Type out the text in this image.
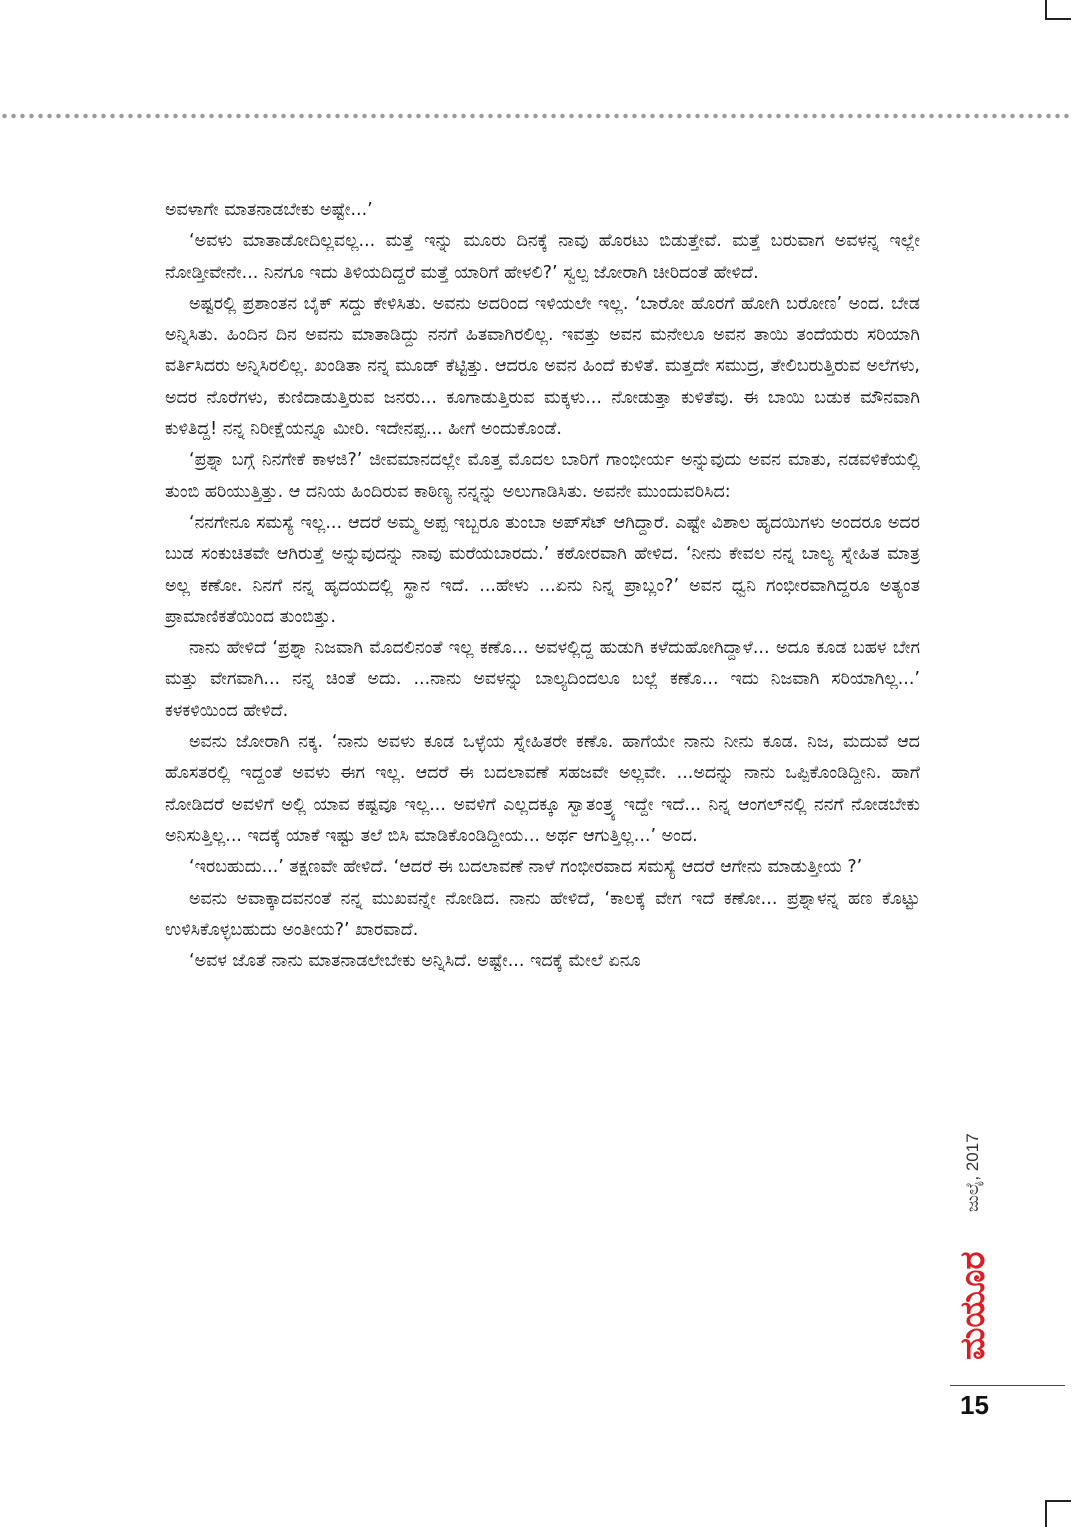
ಅವಳಾಗೇ ಮಾತನಾಡಬೇಕು ಅಷ್ಟೇ...’

‘ಅವಳು ಮಾತಾಡೋದಿಲ್ಲವಲ್ಲ... ಮತ್ತೆ ಇನ್ನು ಮೂರು ದಿನಕ್ಕೆ ನಾವು ಹೊರಟು ಬಿಡುತ್ತೇವೆ. ಮತ್ತೆ ಬರುವಾಗ ಅವಳನ್ನ ಇಲ್ಲೇ ನೋಡ್ತೀವೇನೇ... ನಿನಗೂ ಇದು ತಿಳಿಯದಿದ್ದರೆ ಮತ್ತೆ ಯಾರಿಗೆ ಹೇಳಲಿ?’ ಸ್ವಲ್ಪ ಜೋರಾಗಿ ಚೀರಿದಂತೆ ಹೇಳಿದೆ.

ಅಷ್ಟರಲ್ಲಿ ಪ್ರಶಾಂತನ ಬೈಕ್ ಸದ್ದು ಕೇಳಿಸಿತು. ಅವನು ಅದರಿಂದ ಇಳಿಯಲೇ ಇಲ್ಲ. ‘ಬಾರೋ ಹೊರಗೆ ಹೋಗಿ ಬರೋಣ’ ಅಂದ. ಬೇಡ ಅನ್ನಿಸಿತು. ಹಿಂದಿನ ದಿನ ಅವನು ಮಾತಾಡಿದ್ದು ನನಗೆ ಹಿತವಾಗಿರಲಿಲ್ಲ. ಇವತ್ತು ಅವನ ಮನೇಲೂ ಅವನ ತಾಯಿ ತಂದೆಯರು ಸರಿಯಾಗಿ ವರ್ತಿಸಿದರು ಅನ್ನಿಸಿರಲಿಲ್ಲ. ಖಂಡಿತಾ ನನ್ನ ಮೂಡ್ ಕೆಟ್ಟಿತ್ತು. ಆದರೂ ಅವನ ಹಿಂದೆ ಕುಳಿತೆ. ಮತ್ತದೇ ಸಮುದ್ರ, ತೇಲಿಬರುತ್ತಿರುವ ಅಲೆಗಳು, ಅದರ ನೊರೆಗಳು, ಕುಣಿದಾಡುತ್ತಿರುವ ಜನರು... ಕೂಗಾಡುತ್ತಿರುವ ಮಕ್ಕಳು... ನೋಡುತ್ತಾ ಕುಳಿತೆವು. ಈ ಬಾಯಿ ಬಡುಕ ಮೌನವಾಗಿ ಕುಳಿತಿದ್ದ! ನನ್ನ ನಿರೀಕ್ಷೆಯನ್ನೂ ಮೀರಿ. ಇದೇನಪ್ಪ... ಹೀಗೆ ಅಂದುಕೊಂಡೆ.

‘ಪ್ರಶ್ನಾ ಬಗ್ಗೆ ನಿನಗೇಕೆ ಕಾಳಜಿ?’ ಜೀವಮಾನದಲ್ಲೇ ಮೊತ್ತ ಮೊದಲ ಬಾರಿಗೆ ಗಾಂಭೀರ್ಯ ಅನ್ನುವುದು ಅವನ ಮಾತು, ನಡವಳಿಕೆಯಲ್ಲಿ ತುಂಬಿ ಹರಿಯುತ್ತಿತ್ತು. ಆ ದನಿಯ ಹಿಂದಿರುವ ಕಾಠಿಣ್ಯ ನನ್ನನ್ನು ಅಲುಗಾಡಿಸಿತು. ಅವನೇ ಮುಂದುವರಿಸಿದ:

‘ನನಗೇನೂ ಸಮಸ್ಯೆ ಇಲ್ಲ... ಆದರೆ ಅಮ್ಮ ಅಪ್ಪ ಇಬ್ಬರೂ ತುಂಬಾ ಅಪ್‌ಸೆಟ್ ಆಗಿದ್ದಾರೆ. ಎಷ್ಟೇ ವಿಶಾಲ ಹೃದಯಿಗಳು ಅಂದರೂ ಅದರ ಬುಡ ಸಂಕುಚಿತವೇ ಆಗಿರುತ್ತೆ ಅನ್ನುವುದನ್ನು ನಾವು ಮರೆಯಬಾರದು.’ ಕಠೋರವಾಗಿ ಹೇಳಿದ. ‘ನೀನು ಕೇವಲ ನನ್ನ ಬಾಲ್ಯ ಸ್ನೇಹಿತ ಮಾತ್ರ ಅಲ್ಲ ಕಣೋ. ನಿನಗೆ ನನ್ನ ಹೃದಯದಲ್ಲಿ ಸ್ಥಾನ ಇದೆ. ...ಹೇಳು ...ಏನು ನಿನ್ನ ಪ್ರಾಬ್ಲಂ?’ ಅವನ ಧ್ವನಿ ಗಂಭೀರವಾಗಿದ್ದರೂ ಅತ್ಯಂತ ಪ್ರಾಮಾಣಿಕತೆಯಿಂದ ತುಂಬಿತ್ತು.

ನಾನು ಹೇಳಿದೆ ‘ಪ್ರಶ್ನಾ ನಿಜವಾಗಿ ಮೊದಲಿನಂತೆ ಇಲ್ಲ ಕಣೊ... ಅವಳಲ್ಲಿದ್ದ ಹುಡುಗಿ ಕಳೆದುಹೋಗಿದ್ದಾಳೆ... ಅದೂ ಕೂಡ ಬಹಳ ಬೇಗ ಮತ್ತು ವೇಗವಾಗಿ... ನನ್ನ ಚಿಂತೆ ಅದು. ...ನಾನು ಅವಳನ್ನು ಬಾಲ್ಯದಿಂದಲೂ ಬಲ್ಲೆ ಕಣೊ... ಇದು ನಿಜವಾಗಿ ಸರಿಯಾಗಿಲ್ಲ...’ ಕಳಕಳಿಯಿಂದ ಹೇಳಿದೆ.

ಅವನು ಜೋರಾಗಿ ನಕ್ಕ. ‘ನಾನು ಅವಳು ಕೂಡ ಒಳ್ಳೆಯ ಸ್ನೇಹಿತರೇ ಕಣೊ. ಹಾಗೆಯೇ ನಾನು ನೀನು ಕೂಡ. ನಿಜ, ಮದುವೆ ಆದ ಹೊಸತರಲ್ಲಿ ಇದ್ದಂತೆ ಅವಳು ಈಗ ಇಲ್ಲ. ಆದರೆ ಈ ಬದಲಾವಣೆ ಸಹಜವೇ ಅಲ್ಲವೇ. ...ಅದನ್ನು ನಾನು ಒಪ್ಪಿಕೊಂಡಿದ್ದೀನಿ. ಹಾಗೆ ನೋಡಿದರೆ ಅವಳಿಗೆ ಅಲ್ಲಿ ಯಾವ ಕಷ್ಟವೂ ಇಲ್ಲ... ಅವಳಿಗೆ ಎಲ್ಲದಕ್ಕೂ ಸ್ವಾತಂತ್ರ್ಯ ಇದ್ದೇ ಇದೆ... ನಿನ್ನ ಆಂಗಲ್‌ನಲ್ಲಿ ನನಗೆ ನೋಡಬೇಕು ಅನಿಸುತ್ತಿಲ್ಲ... ಇದಕ್ಕೆ ಯಾಕೆ ಇಷ್ಟು ತಲೆ ಬಿಸಿ ಮಾಡಿಕೊಂಡಿದ್ದೀಯ... ಅರ್ಥ ಆಗುತ್ತಿಲ್ಲ...’ ಅಂದ.

‘ಇರಬಹುದು...’ ತಕ್ಷಣವೇ ಹೇಳಿದೆ. ‘ಆದರೆ ಈ ಬದಲಾವಣೆ ನಾಳೆ ಗಂಭೀರವಾದ ಸಮಸ್ಯೆ ಆದರೆ ಆಗೇನು ಮಾಡುತ್ತೀಯ ?’

ಅವನು ಅವಾಕ್ಕಾದವನಂತೆ ನನ್ನ ಮುಖವನ್ನೇ ನೋಡಿದ. ನಾನು ಹೇಳಿದೆ, ‘ಕಾಲಕ್ಕೆ ವೇಗ ಇದೆ ಕಣೋ... ಪ್ರಶ್ನಾಳನ್ನ ಹಣ ಕೊಟ್ಟು ಉಳಿಸಿಕೊಳ್ಳಬಹುದು ಅಂತೀಯ?’ ಖಾರವಾದೆ.

‘ಅವಳ ಜೊತೆ ನಾನು ಮಾತನಾಡಲೇಬೇಕು ಅನ್ನಿಸಿದೆ. ಅಷ್ಟೇ... ಇದಕ್ಕೆ ಮೇಲೆ ಏನೂ

ಜುಲೈ, 2017
ಮಯೂರ
15
